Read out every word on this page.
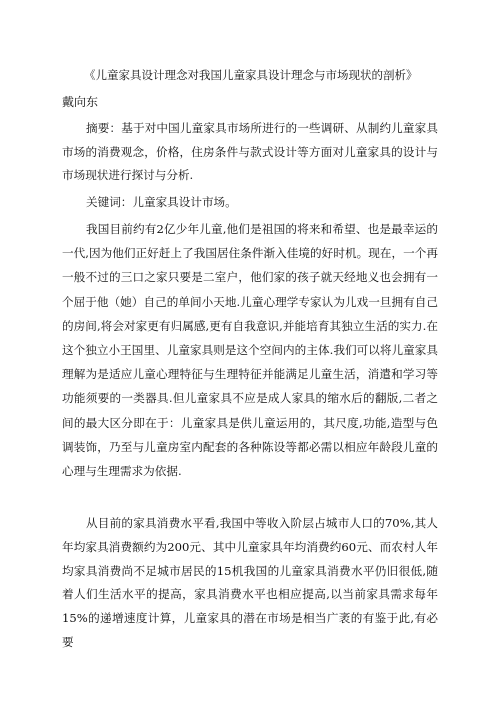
《儿童家具设计理念对我国儿童家具设计理念与市场现状的剖析》
戴向东

摘要：基于对中国儿童家具市场所进行的一些调研、从制约儿童家具市场的消费观念，价格，住房条件与款式设计等方面对儿童家具的设计与市场现状进行探讨与分析.

关键词：儿童家具设计市场。

我国目前约有2亿少年儿童,他们是祖国的将来和希望、也是最幸运的一代,因为他们正好赶上了我国居住条件渐入佳境的好时机。现在，一个再一般不过的三口之家只要是二室户，他们家的孩子就天经地义也会拥有一个屈于他（她）自己的单间小天地.儿童心理学专家认为儿戏一旦拥有自己的房间,将会对家更有归属感,更有自我意识,并能培育其独立生活的实力.在这个独立小王国里、儿童家具则是这个空间内的主体.我们可以将儿童家具理解为是适应儿童心理特征与生理特征并能满足儿童生活，消遣和学习等功能须要的一类器具.但儿童家具不应是成人家具的缩水后的翻版,二者之间的最大区分即在于：儿童家具是供儿童运用的，其尺度,功能,造型与色调装饰，乃至与儿童房室内配套的各种陈设等都必需以相应年龄段儿童的心理与生理需求为依据.

从目前的家具消费水平看,我国中等收入阶层占城市人口的70%,其人年均家具消费额约为200元、其中儿童家具年均消费约60元、而农村人年均家具消费尚不足城市居民的15机我国的儿童家具消费水平仍旧很低,随着人们生活水平的提高，家具消费水平也相应提高,以当前家具需求每年15%的递增速度计算，儿童家具的潜在市场是相当广袤的有鉴于此,有必要
